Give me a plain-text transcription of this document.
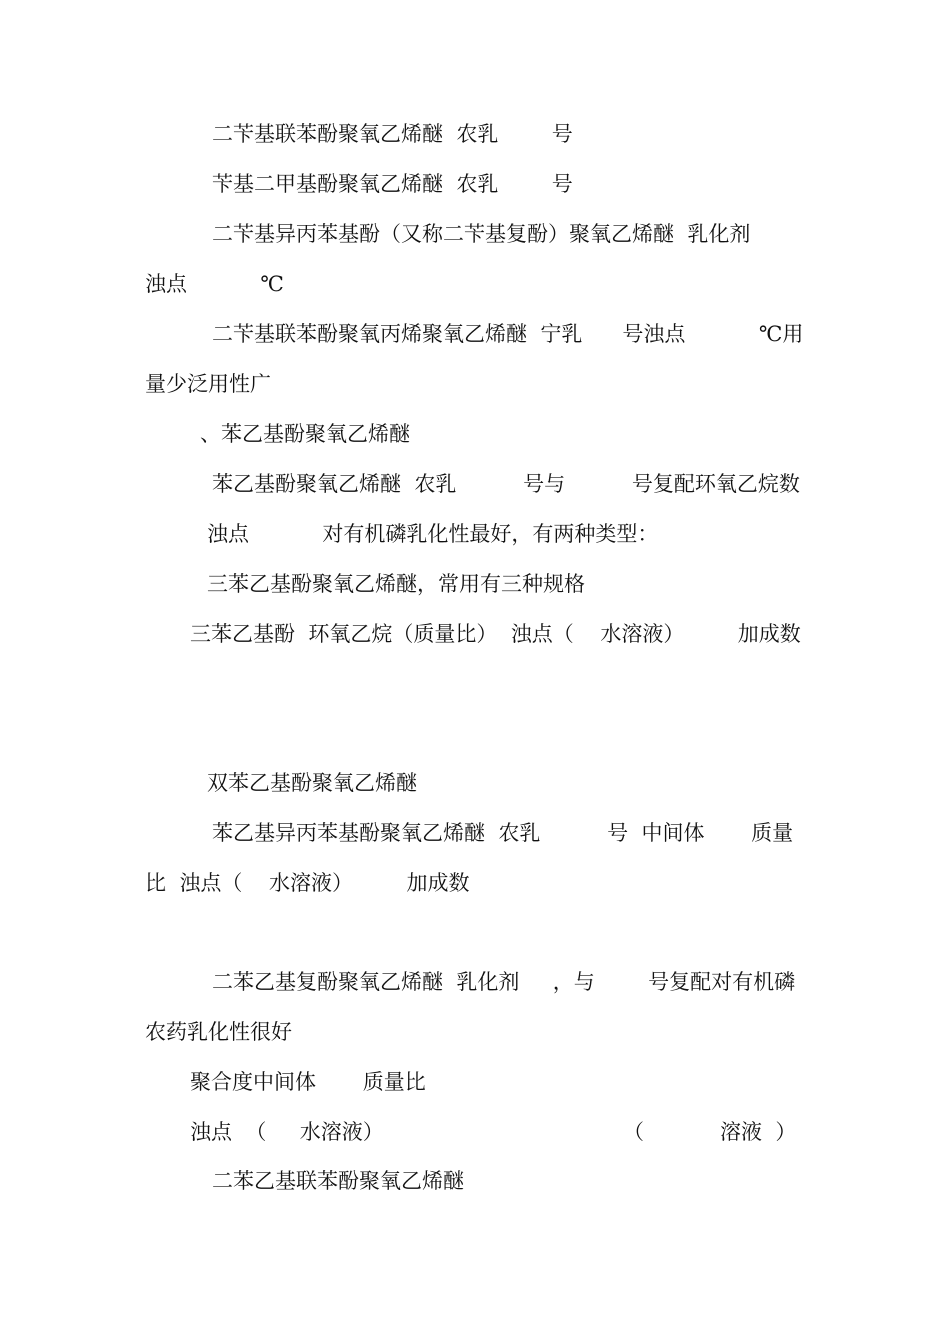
二苄基联苯酚聚氧乙烯醚  农乳        号
苄基二甲基酚聚氧乙烯醚  农乳        号
二苄基异丙苯基酚（又称二苄基复酚）聚氧乙烯醚  乳化剂
浊点           ℃
二苄基联苯酚聚氧丙烯聚氧乙烯醚  宁乳      号浊点           ℃用
量少泛用性广
、苯乙基酚聚氧乙烯醚
苯乙基酚聚氧乙烯醚  农乳          号与          号复配环氧乙烷数
浊点           对有机磷乳化性最好，有两种类型：
三苯乙基酚聚氧乙烯醚，常用有三种规格
三苯乙基酚  环氧乙烷（质量比）  浊点（    水溶液）        加成数
双苯乙基酚聚氧乙烯醚
苯乙基异丙苯基酚聚氧乙烯醚  农乳          号  中间体       质量
比  浊点（    水溶液）        加成数
二苯乙基复酚聚氧乙烯醚  乳化剂     ，与        号复配对有机磷
农药乳化性很好
聚合度中间体       质量比
浊点  （     水溶液）	（	溶液  ）
二苯乙基联苯酚聚氧乙烯醚
